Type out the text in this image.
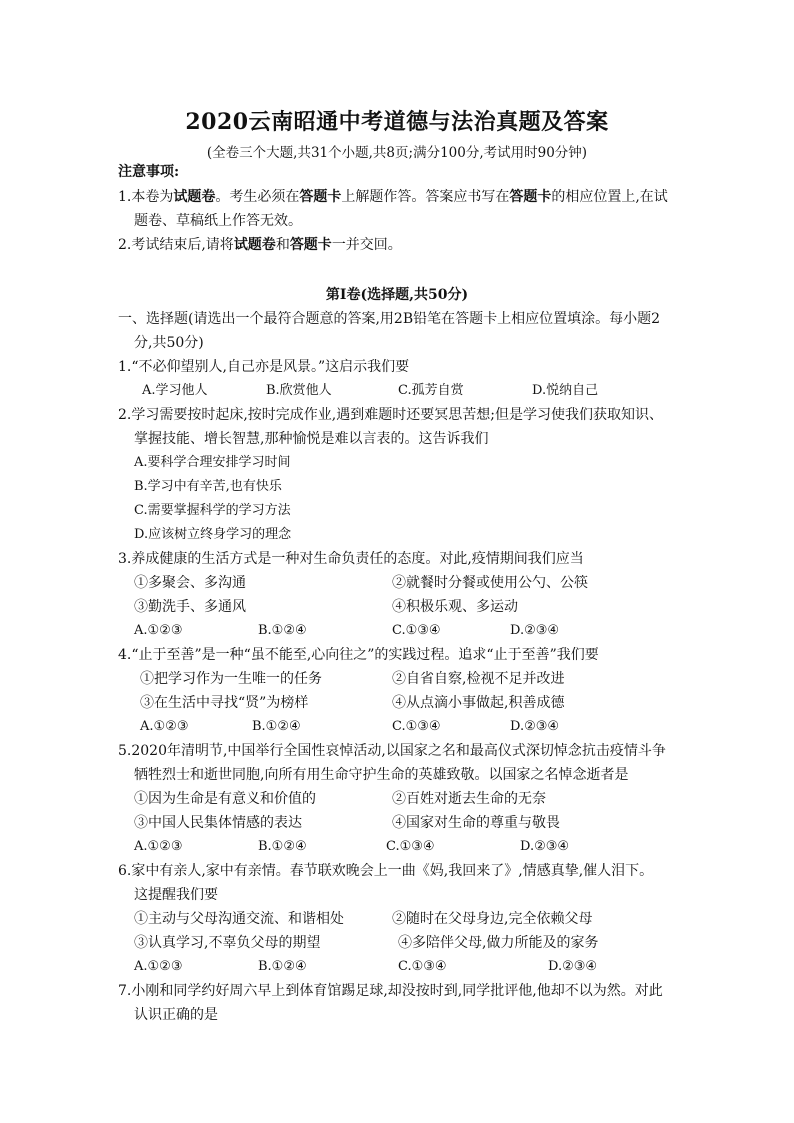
2020云南昭通中考道德与法治真题及答案
(全卷三个大题,共31个小题,共8页;满分100分,考试用时90分钟)
注意事项:
1.本卷为试题卷。考生必须在答题卡上解题作答。答案应书写在答题卡的相应位置上,在试
题卷、草稿纸上作答无效。
2.考试结束后,请将试题卷和答题卡一并交回。
第Ⅰ卷(选择题,共50分)
一、选择题(请选出一个最符合题意的答案,用2B铅笔在答题卡上相应位置填涂。每小题2
分,共50分)
1.“不必仰望别人,自己亦是风景。”这启示我们要
A.学习他人	B.欣赏他人	C.孤芳自赏	D.悦纳自己
2.学习需要按时起床,按时完成作业,遇到难题时还要冥思苦想;但是学习使我们获取知识、
掌握技能、增长智慧,那种愉悦是难以言表的。这告诉我们
A.要科学合理安排学习时间
B.学习中有辛苦,也有快乐
C.需要掌握科学的学习方法
D.应该树立终身学习的理念
3.养成健康的生活方式是一种对生命负责任的态度。对此,疫情期间我们应当
①多聚会、多沟通	②就餐时分餐或使用公勺、公筷
③勤洗手、多通风	④积极乐观、多运动
A.①②③	B.①②④	C.①③④	D.②③④
4.“止于至善”是一种“虽不能至,心向往之”的实践过程。追求“止于至善”我们要
①把学习作为一生唯一的任务	②自省自察,检视不足并改进
③在生活中寻找“贤”为榜样	④从点滴小事做起,积善成德
A.①②③	B.①②④	C.①③④	D.②③④
5.2020年清明节,中国举行全国性哀悼活动,以国家之名和最高仪式深切悼念抗击疫情斗争
牺牲烈士和逝世同胞,向所有用生命守护生命的英雄致敬。以国家之名悼念逝者是
①因为生命是有意义和价值的	②百姓对逝去生命的无奈
③中国人民集体情感的表达	④国家对生命的尊重与敬畏
A.①②③	B.①②④	C.①③④	D.②③④
6.家中有亲人,家中有亲情。春节联欢晚会上一曲《妈,我回来了》,情感真挚,催人泪下。
这提醒我们要
①主动与父母沟通交流、和谐相处	②随时在父母身边,完全依赖父母
③认真学习,不辜负父母的期望	④多陪伴父母,做力所能及的家务
A.①②③	B.①②④	C.①③④	D.②③④
7.小刚和同学约好周六早上到体育馆踢足球,却没按时到,同学批评他,他却不以为然。对此
认识正确的是
